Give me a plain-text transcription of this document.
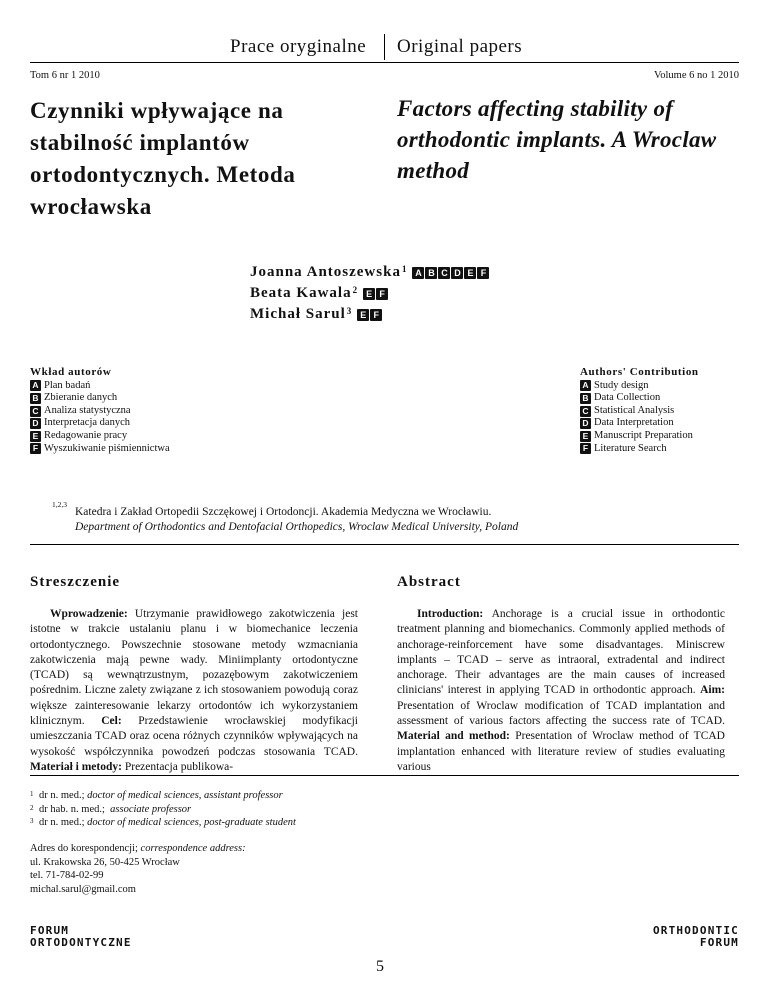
Prace oryginalne Original papers
Tom 6 nr 1 2010	Volume 6 no 1 2010
Czynniki wpływające na stabilność implantów ortodontycznych. Metoda wrocławska
Factors affecting stability of orthodontic implants. A Wroclaw method
Joanna Antoszewska$^1$ A B C D E F
Beata Kawala$^2$ E F
Michał Sarul$^3$ E F
Wkład autorów
A Plan badań
B Zbieranie danych
C Analiza statystyczna
D Interpretacja danych
E Redagowanie pracy
F Wyszukiwanie piśmiennictwa
Authors' Contribution
A Study design
B Data Collection
C Statistical Analysis
D Data Interpretation
E Manuscript Preparation
F Literature Search
1,2,3
Katedra i Zakład Ortopedii Szczękowej i Ortodoncji. Akademia Medyczna we Wrocławiu.
Department of Orthodontics and Dentofacial Orthopedics, Wroclaw Medical University, Poland
Streszczenie	Abstract
Wprowadzenie: Utrzymanie prawidłowego zakotwiczenia jest istotne w trakcie ustalaniu planu i w biomechanice leczenia ortodontycznego. Powszechnie stosowane metody wzmacniania zakotwiczenia mają pewne wady. Miniimplanty ortodontyczne (TCAD) są wewnątrzustnym, pozazębowym zakotwiczeniem pośrednim. Liczne zalety związane z ich stosowaniem powodują coraz większe zainteresowanie lekarzy ortodontów ich wykorzystaniem klinicznym. Cel: Przedstawienie wrocławskiej modyfikacji umieszczania TCAD oraz ocena różnych czynników wpływających na wysokość współczynnika powodzeń podczas stosowania TCAD. Materiał i metody: Prezentacja publikowa-
Introduction: Anchorage is a crucial issue in orthodontic treatment planning and biomechanics. Commonly applied methods of anchorage-reinforcement have some disadvantages. Miniscrew implants – TCAD – serve as intraoral, extradental and indirect anchorage. Their advantages are the main causes of increased clinicians' interest in applying TCAD in orthodontic approach. Aim: Presentation of Wroclaw modification of TCAD implantation and assessment of various factors affecting the success rate of TCAD. Material and method: Presentation of Wroclaw method of TCAD implantation enhanced with literature review of studies evaluating various
1 dr n. med.; doctor of medical sciences, assistant professor
2 dr hab. n. med.; associate professor
3 dr n. med.; doctor of medical sciences, post-graduate student
Adres do korespondencji; correspondence address:
ul. Krakowska 26, 50-425 Wrocław
tel. 71-784-02-99
michal.sarul@gmail.com
FORUM
ORTODONTYCZNE
5
ORTHODONTIC
FORUM
